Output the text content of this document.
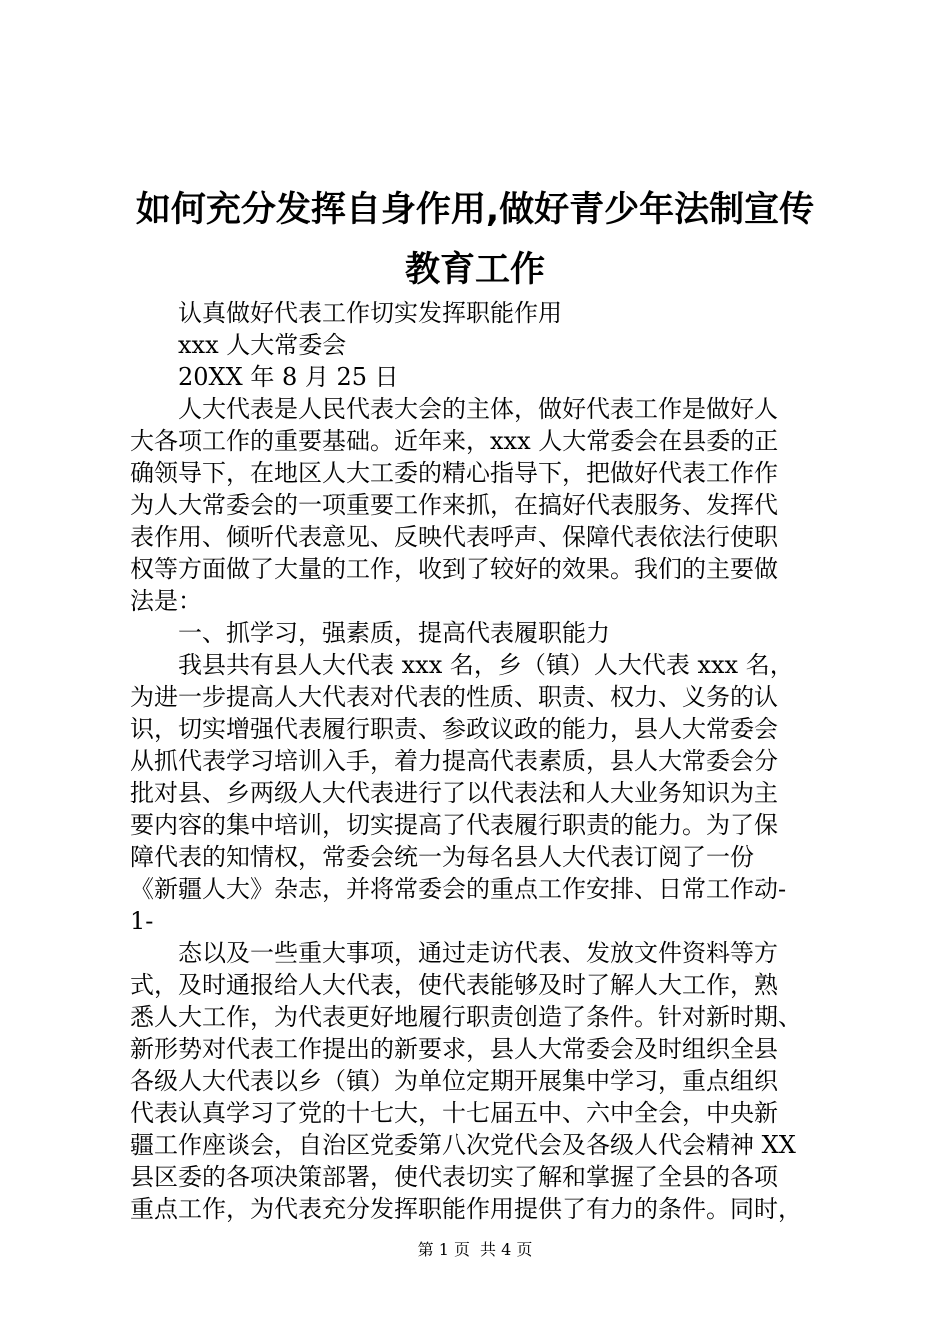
如何充分发挥自身作用,做好青少年法制宣传
教育工作

认真做好代表工作切实发挥职能作用

xxx 人大常委会

20XX 年 8 月 25 日

人大代表是人民代表大会的主体，做好代表工作是做好人

大各项工作的重要基础。近年来，xxx 人大常委会在县委的正

确领导下，在地区人大工委的精心指导下，把做好代表工作作

为人大常委会的一项重要工作来抓，在搞好代表服务、发挥代

表作用、倾听代表意见、反映代表呼声、保障代表依法行使职

权等方面做了大量的工作，收到了较好的效果。我们的主要做

法是：

一、抓学习，强素质，提高代表履职能力

我县共有县人大代表 xxx 名，乡（镇）人大代表 xxx 名，

为进一步提高人大代表对代表的性质、职责、权力、义务的认

识，切实增强代表履行职责、参政议政的能力，县人大常委会

从抓代表学习培训入手，着力提高代表素质，县人大常委会分

批对县、乡两级人大代表进行了以代表法和人大业务知识为主

要内容的集中培训，切实提高了代表履行职责的能力。为了保

障代表的知情权，常委会统一为每名县人大代表订阅了一份

《新疆人大》杂志，并将常委会的重点工作安排、日常工作动-

1-

态以及一些重大事项，通过走访代表、发放文件资料等方

式，及时通报给人大代表，使代表能够及时了解人大工作，熟

悉人大工作，为代表更好地履行职责创造了条件。针对新时期、

新形势对代表工作提出的新要求，县人大常委会及时组织全县

各级人大代表以乡（镇）为单位定期开展集中学习，重点组织

代表认真学习了党的十七大，十七届五中、六中全会，中央新

疆工作座谈会，自治区党委第八次党代会及各级人代会精神 XX

县区委的各项决策部署，使代表切实了解和掌握了全县的各项

重点工作，为代表充分发挥职能作用提供了有力的条件。同时，

第 1 页 共 4 页
